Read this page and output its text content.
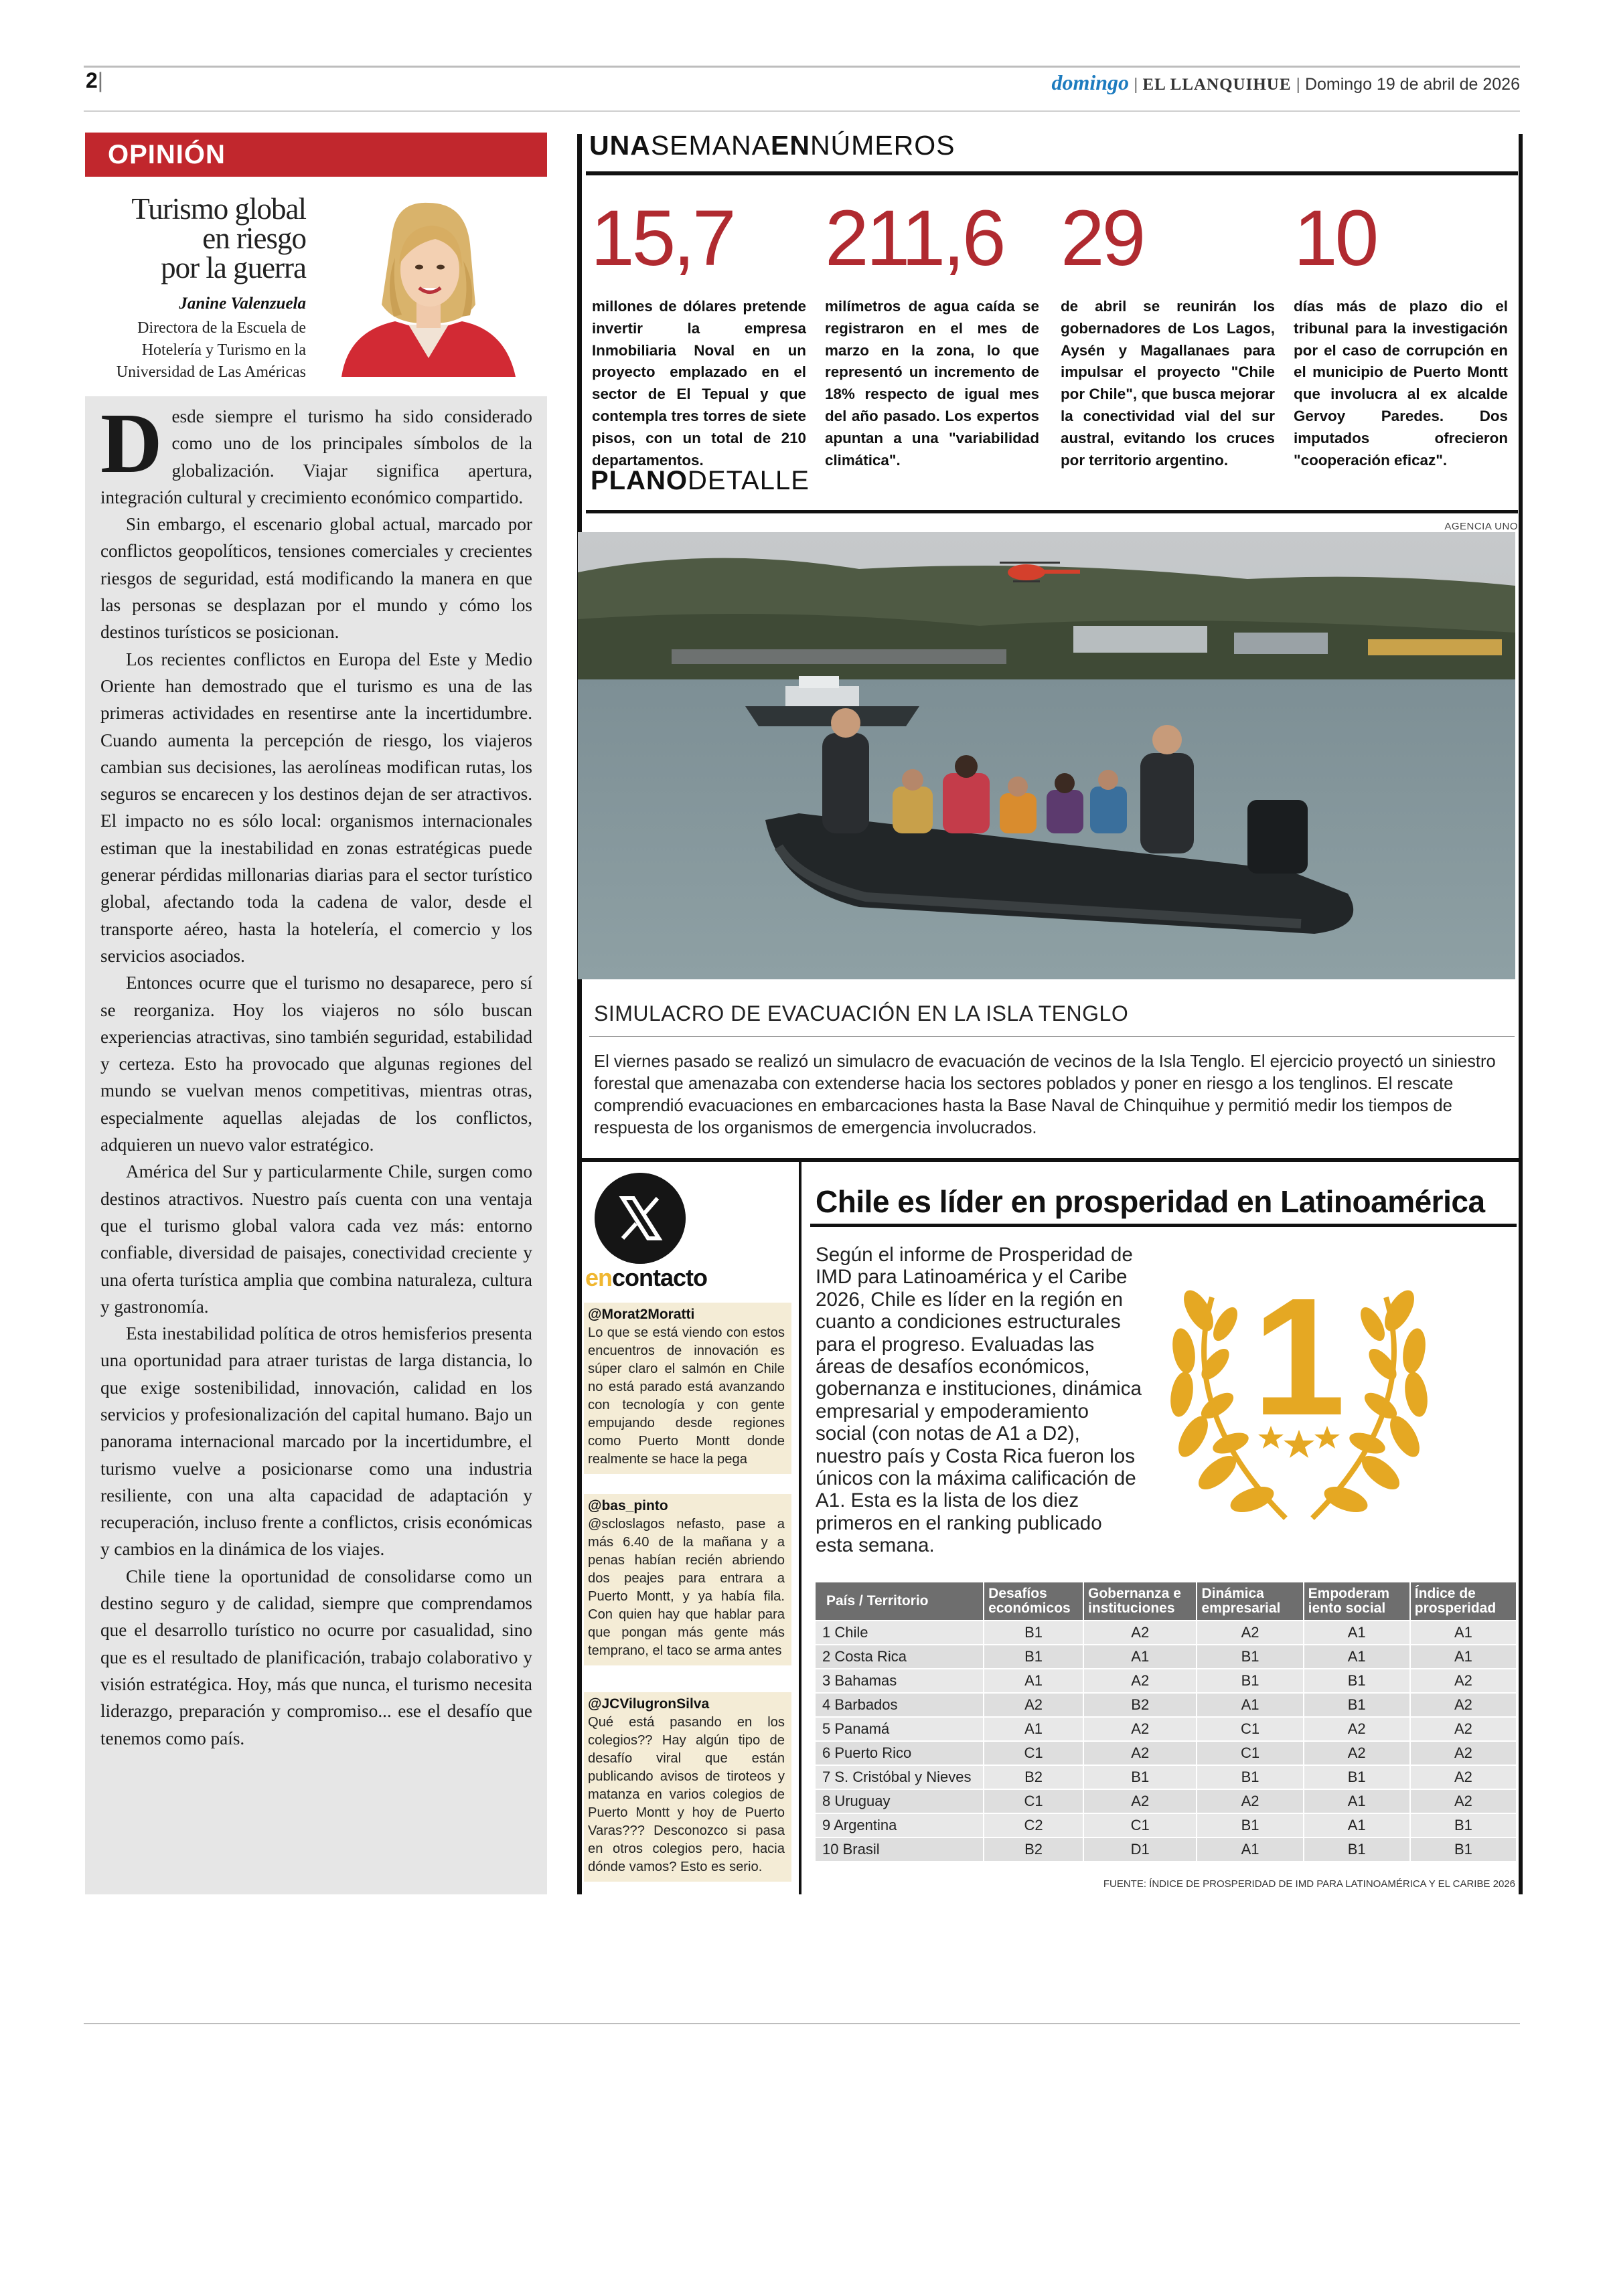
2|	domingo | EL LLANQUIHUE | Domingo 19 de abril de 2026
OPINIÓN
Turismo global
en riesgo
por la guerra
Janine Valenzuela
Directora de la Escuela de
Hotelería y Turismo en la
Universidad de Las Américas

Desde siempre el turismo ha sido considerado como uno de los principales símbolos de la globalización. Viajar significa apertura, integración cultural y crecimiento económico compartido.

Sin embargo, el escenario global actual, marcado por conflictos geopolíticos, tensiones comerciales y crecientes riesgos de seguridad, está modificando la manera en que las personas se desplazan por el mundo y cómo los destinos turísticos se posicionan.

Los recientes conflictos en Europa del Este y Medio Oriente han demostrado que el turismo es una de las primeras actividades en resentirse ante la incertidumbre. Cuando aumenta la percepción de riesgo, los viajeros cambian sus decisiones, las aerolíneas modifican rutas, los seguros se encarecen y los destinos dejan de ser atractivos. El impacto no es sólo local: organismos internacionales estiman que la inestabilidad en zonas estratégicas puede generar pérdidas millonarias diarias para el sector turístico global, afectando toda la cadena de valor, desde el transporte aéreo, hasta la hotelería, el comercio y los servicios asociados.

Entonces ocurre que el turismo no desaparece, pero sí se reorganiza. Hoy los viajeros no sólo buscan experiencias atractivas, sino también seguridad, estabilidad y certeza. Esto ha provocado que algunas regiones del mundo se vuelvan menos competitivas, mientras otras, especialmente aquellas alejadas de los conflictos, adquieren un nuevo valor estratégico.

América del Sur y particularmente Chile, surgen como destinos atractivos. Nuestro país cuenta con una ventaja que el turismo global valora cada vez más: entorno confiable, diversidad de paisajes, conectividad creciente y una oferta turística amplia que combina naturaleza, cultura y gastronomía.

Esta inestabilidad política de otros hemisferios presenta una oportunidad para atraer turistas de larga distancia, lo que exige sostenibilidad, innovación, calidad en los servicios y profesionalización del capital humano. Bajo un panorama internacional marcado por la incertidumbre, el turismo vuelve a posicionarse como una industria resiliente, con una alta capacidad de adaptación y recuperación, incluso frente a conflictos, crisis económicas y cambios en la dinámica de los viajes.

Chile tiene la oportunidad de consolidarse como un destino seguro y de calidad, siempre que comprendamos que el desarrollo turístico no ocurre por casualidad, sino que es el resultado de planificación, trabajo colaborativo y visión estratégica. Hoy, más que nunca, el turismo necesita liderazgo, preparación y compromiso... ese el desafío que tenemos como país.

UNASEMANAENNÚMEROS
15,7
millones de dólares pretende invertir la empresa Inmobiliaria Noval en un proyecto emplazado en el sector de El Tepual y que contempla tres torres de siete pisos, con un total de 210 departamentos.
211,6
milímetros de agua caída se registraron en el mes de marzo en la zona, lo que representó un incremento de 18% respecto de igual mes del año pasado. Los expertos apuntan a una "variabilidad climática".
29
de abril se reunirán los gobernadores de Los Lagos, Aysén y Magallanaes para impulsar el proyecto "Chile por Chile", que busca mejorar la conectividad vial del sur austral, evitando los cruces por territorio argentino.
10
días más de plazo dio el tribunal para la investigación por el caso de corrupción en el municipio de Puerto Montt que involucra al ex alcalde Gervoy Paredes. Dos imputados ofrecieron "cooperación eficaz".
PLANODETALLE
AGENCIA UNO
SIMULACRO DE EVACUACIÓN EN LA ISLA TENGLO
El viernes pasado se realizó un simulacro de evacuación de vecinos de la Isla Tenglo. El ejercicio proyectó un siniestro forestal que amenazaba con extenderse hacia los sectores poblados y poner en riesgo a los tenglinos. El rescate comprendió evacuaciones en embarcaciones hasta la Base Naval de Chinquihue y permitió medir los tiempos de respuesta de los organismos de emergencia involucrados.
encontacto
@Morat2Moratti
Lo que se está viendo con estos encuentros de innovación es súper claro el salmón en Chile no está parado está avanzando con tecnología y con gente empujando desde regiones como Puerto Montt donde realmente se hace la pega
@bas_pinto
@scloslagos nefasto, pase a más 6.40 de la mañana y a penas habían recién abriendo dos peajes para entrara a Puerto Montt, y ya había fila. Con quien hay que hablar para que pongan más gente más temprano, el taco se arma antes
@JCVilugronSilva
Qué está pasando en los colegios?? Hay algún tipo de desafío viral que están publicando avisos de tiroteos y matanza en varios colegios de Puerto Montt y hoy de Puerto Varas??? Desconozco si pasa en otros colegios pero, hacia dónde vamos? Esto es serio.
Chile es líder en prosperidad en Latinoamérica
Según el informe de Prosperidad de IMD para Latinoamérica y el Caribe 2026, Chile es líder en la región en cuanto a condiciones estructurales para el progreso. Evaluadas las áreas de desafíos económicos, gobernanza e instituciones, dinámica empresarial y empoderamiento social (con notas de A1 a D2), nuestro país y Costa Rica fueron los únicos con la máxima calificación de A1. Esta es la lista de los diez primeros en el ranking publicado esta semana.
1
País / Territorio	Desafíos económicos	Gobernanza e instituciones	Dinámica empresarial	Empoderam iento social	Índice de prosperidad
1 Chile	B1	A2	A2	A1	A1
2 Costa Rica	B1	A1	B1	A1	A1
3 Bahamas	A1	A2	B1	B1	A2
4 Barbados	A2	B2	A1	B1	A2
5 Panamá	A1	A2	C1	A2	A2
6 Puerto Rico	C1	A2	C1	A2	A2
7 S. Cristóbal y Nieves	B2	B1	B1	B1	A2
8 Uruguay	C1	A2	A2	A1	A2
9 Argentina	C2	C1	B1	A1	B1
10 Brasil	B2	D1	A1	B1	B1
FUENTE: ÍNDICE DE PROSPERIDAD DE IMD PARA LATINOAMÉRICA Y EL CARIBE 2026
